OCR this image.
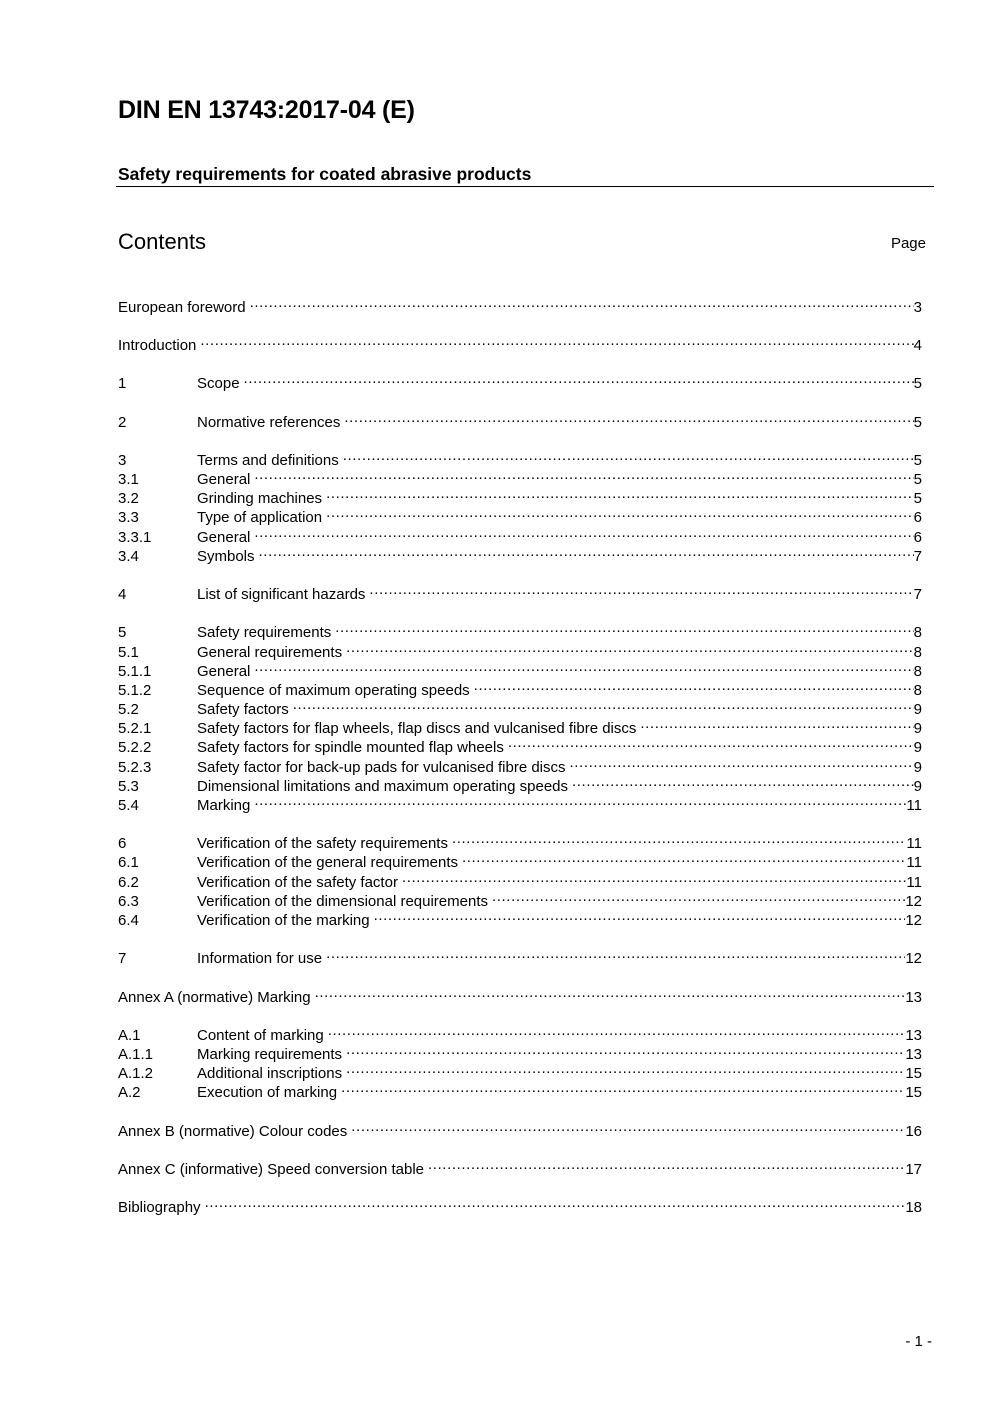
DIN EN 13743:2017-04 (E)
Safety requirements for coated abrasive products
Contents	Page
European foreword .....	3
Introduction .....	4
1	Scope .....	5
2	Normative references .....	5
3	Terms and definitions .....	5
3.1	General .....	5
3.2	Grinding machines .....	5
3.3	Type of application .....	6
3.3.1	General .....	6
3.4	Symbols .....	7
4	List of significant hazards .....	7
5	Safety requirements .....	8
5.1	General requirements .....	8
5.1.1	General .....	8
5.1.2	Sequence of maximum operating speeds .....	8
5.2	Safety factors .....	9
5.2.1	Safety factors for flap wheels, flap discs and vulcanised fibre discs .....	9
5.2.2	Safety factors for spindle mounted flap wheels .....	9
5.2.3	Safety factor for back-up pads for vulcanised fibre discs .....	9
5.3	Dimensional limitations and maximum operating speeds .....	9
5.4	Marking .....	11
6	Verification of the safety requirements .....	11
6.1	Verification of the general requirements .....	11
6.2	Verification of the safety factor .....	11
6.3	Verification of the dimensional requirements .....	12
6.4	Verification of the marking .....	12
7	Information for use .....	12
Annex A (normative) Marking .....	13
A.1	Content of marking .....	13
A.1.1	Marking requirements .....	13
A.1.2	Additional inscriptions .....	15
A.2	Execution of marking .....	15
Annex B (normative) Colour codes .....	16
Annex C (informative) Speed conversion table .....	17
Bibliography .....	18
- 1 -
